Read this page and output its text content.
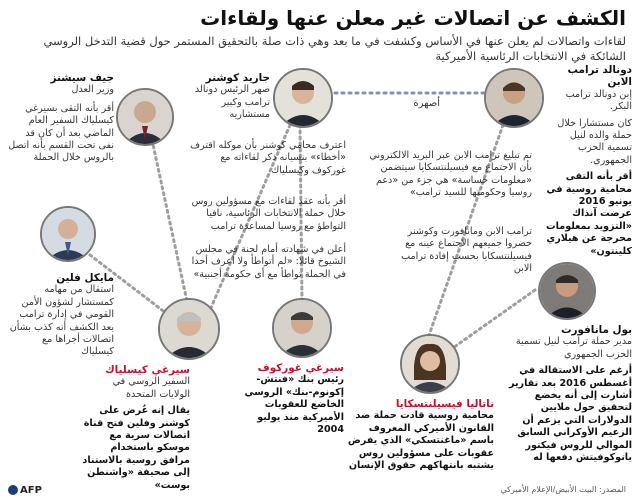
الكشف عن اتصالات غير معلن عنها ولقاءات
لقاءات واتصالات لم يعلن عنها في الأساس وكشفت في ما بعد وهي ذات صلة بالتحقيق المستمر حول قضية التدخل الروسي الشائكة في الانتخابات الرئاسية الأميركية
جيف سيشنز
وزير العدل
أقر بأنه التقى بسيرغي كيسلياك السفير العام الماضي بعد أن كان قد نفى تحت القسم بأنه اتصل بالروس خلال الحملة
جاريد كوشنر
صهر الرئيس دونالد ترامب وكبير مستشاريه
اعترف محامي كوشنر بأن موكله اقترف «أخطاء» بنسيانه ذكر لقاءاته مع غوركوف وكيسلياك
أقر بأنه عقد لقاءات مع مسؤولين روس خلال حملة الانتخابات الرئاسية، نافيا التواطؤ مع روسيا لمساعدة ترامب
أعلن في شهادته أمام لجنة في مجلس الشيوخ قائلا: «لم أتواطأ ولا أعرف أحدا في الحملة تواطأ مع أي حكومة أجنبية»
أصهرة
دونالد ترامب الابن
إبن دونالد ترامب البكر.
كان مستشارا خلال حملة والده لنيل تسمية الحزب الجمهوري.
أقر بأنه التقى محامية روسية في يونيو 2016 عرضت آنذاك «التزويد بمعلومات محرجة عن هيلاري كلينتون»
تم تبليغ ترامب الابن عبر البريد الالكتروني بأن الاجتماع مع فيسيلنتسكايا سيتضمن «معلومات حساسة» هي جزء من «دعم روسيا وحكومتها للسيد ترامب»
ترامب الابن ومانافورت وكوشنر حضروا جميعهم الاجتماع عينه مع فيسيلنتسكايا بحسب إفادة ترامب الابن
مايكل فلين
استقال من مهامه كمستشار لشؤون الأمن القومي في إدارة ترامب بعد الكشف أنه كذب بشأن اتصالات أجراها مع كيسلياك
سيرغي كيسلياك
السفير الروسي في الولايات المتحدة
يقال إنه عُرض على كوشنر وفلين فتح قناة اتصالات سرية مع موسكو باستخدام مرافق روسية بالاستناد إلى صحيفة «واشنطن بوست»
سيرغي غوركوف
رئيس بنك «فنتش-إكونوم-بنك» الروسي الخاضع للعقوبات الأميركية منذ يوليو 2004
ناتاليا فيسيلنتسكايا
محامية روسية قادت حملة ضد القانون الأميركي المعروف باسم «ماغنتسكي» الذي يفرض عقوبات على مسؤولين روس يشتبه بانتهاكهم حقوق الإنسان
بول مانافورت
مدير حملة ترامب لنيل تسمية الحزب الجمهوري
أرغم على الاستقالة في أغسطس 2016 بعد تقارير أشارت إلى أنه يخضع لتحقيق حول ملايين الدولارات التي يزعم أن الزعيم الأوكراني السابق الموالي للروس فيكتور يانوكوفيتش دفعها له
المصدر: البيت الأبيض/الإعلام الأميركي
AFP
